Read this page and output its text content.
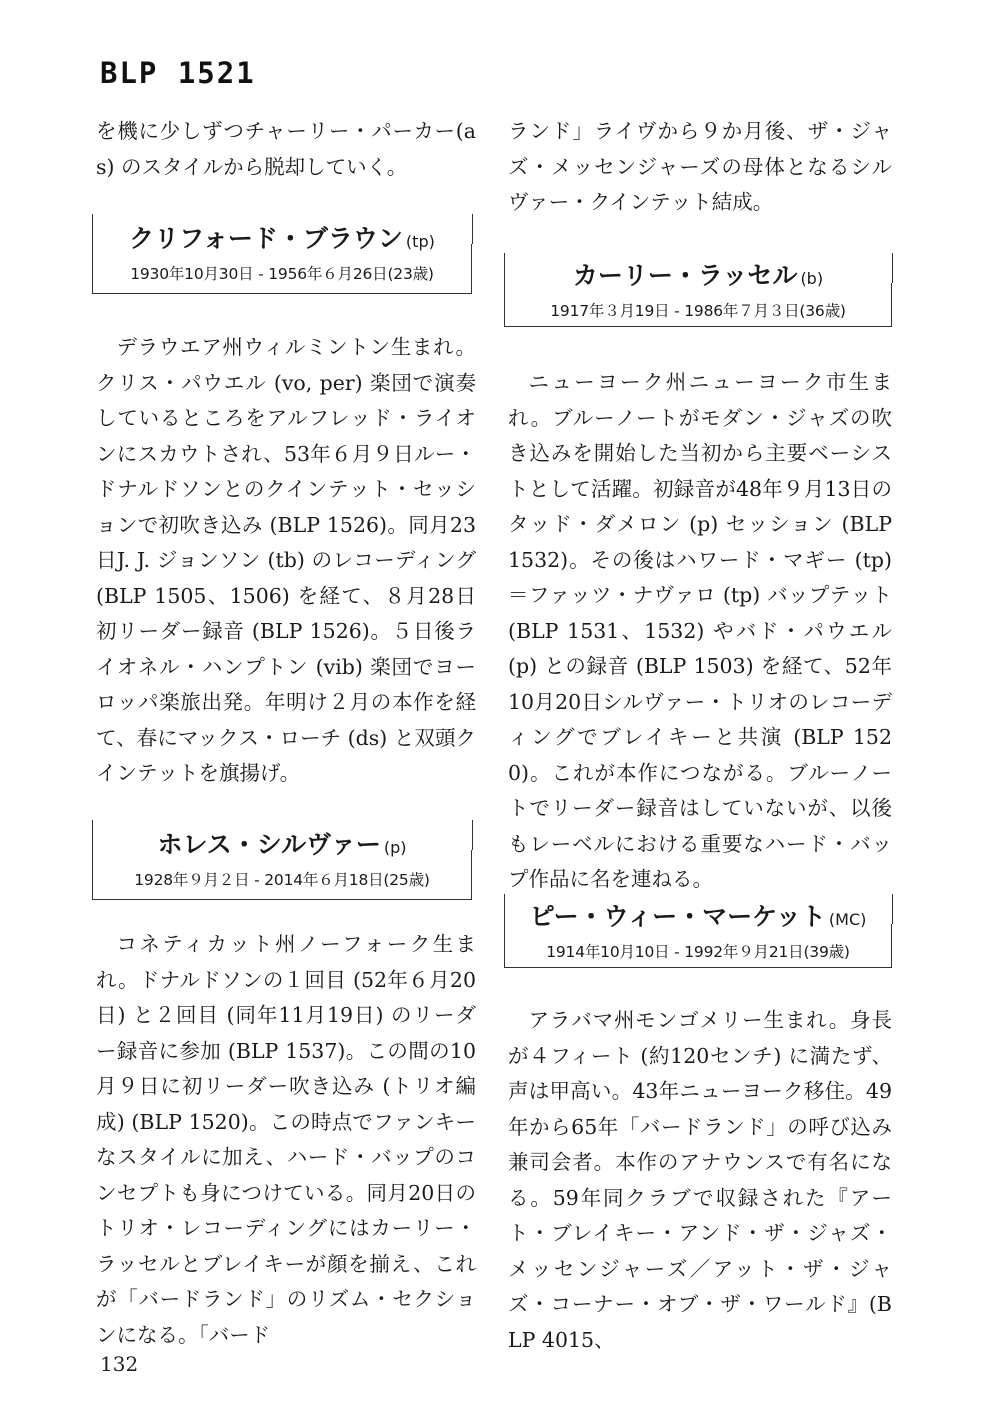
BLP 1521
を機に少しずつチャーリー・パーカー(as) のスタイルから脱却していく。
クリフォード・ブラウン (tp)
1930年10月30日 - 1956年６月26日(23歳)
デラウエア州ウィルミントン生まれ。クリス・パウエル (vo, per) 楽団で演奏しているところをアルフレッド・ライオンにスカウトされ、53年６月９日ルー・ドナルドソンとのクインテット・セッションで初吹き込み (BLP 1526)。同月23日J. J. ジョンソン (tb) のレコーディング (BLP 1505、1506) を経て、８月28日初リーダー録音 (BLP 1526)。５日後ライオネル・ハンプトン (vib) 楽団でヨーロッパ楽旅出発。年明け２月の本作を経て、春にマックス・ローチ (ds) と双頭クインテットを旗揚げ。
ホレス・シルヴァー (p)
1928年９月２日 - 2014年６月18日(25歳)
コネティカット州ノーフォーク生まれ。ドナルドソンの１回目 (52年６月20日) と２回目 (同年11月19日) のリーダー録音に参加 (BLP 1537)。この間の10月９日に初リーダー吹き込み (トリオ編成) (BLP 1520)。この時点でファンキーなスタイルに加え、ハード・バップのコンセプトも身につけている。同月20日のトリオ・レコーディングにはカーリー・ラッセルとブレイキーが顔を揃え、これが「バードランド」のリズム・セクションになる。「バード
ランド」ライヴから９か月後、ザ・ジャズ・メッセンジャーズの母体となるシルヴァー・クインテット結成。
カーリー・ラッセル (b)
1917年３月19日 - 1986年７月３日(36歳)
ニューヨーク州ニューヨーク市生まれ。ブルーノートがモダン・ジャズの吹き込みを開始した当初から主要ベーシストとして活躍。初録音が48年９月13日のタッド・ダメロン (p) セッション (BLP 1532)。その後はハワード・マギー (tp) ＝ファッツ・ナヴァロ (tp) バップテット (BLP 1531、1532) やバド・パウエル (p) との録音 (BLP 1503) を経て、52年10月20日シルヴァー・トリオのレコーディングでブレイキーと共演 (BLP 1520)。これが本作につながる。ブルーノートでリーダー録音はしていないが、以後もレーベルにおける重要なハード・バップ作品に名を連ねる。
ピー・ウィー・マーケット (MC)
1914年10月10日 - 1992年９月21日(39歳)
アラバマ州モンゴメリー生まれ。身長が４フィート (約120センチ) に満たず、声は甲高い。43年ニューヨーク移住。49年から65年「バードランド」の呼び込み兼司会者。本作のアナウンスで有名になる。59年同クラブで収録された『アート・ブレイキー・アンド・ザ・ジャズ・メッセンジャーズ／アット・ザ・ジャズ・コーナー・オブ・ザ・ワールド』(BLP 4015、
132
